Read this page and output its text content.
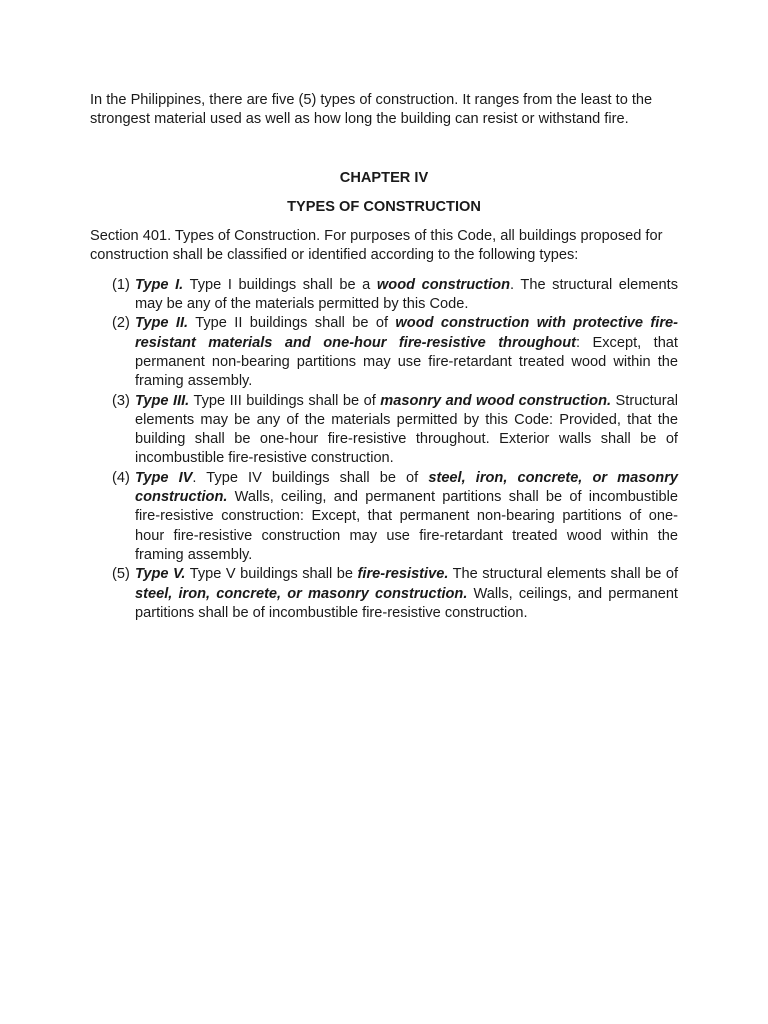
In the Philippines, there are five (5) types of construction. It ranges from the least to the strongest material used as well as how long the building can resist or withstand fire.

CHAPTER IV

TYPES OF CONSTRUCTION

Section 401. Types of Construction. For purposes of this Code, all buildings proposed for construction shall be classified or identified according to the following types:

(1) Type I. Type I buildings shall be a wood construction. The structural elements may be any of the materials permitted by this Code.
(2) Type II. Type II buildings shall be of wood construction with protective fire-resistant materials and one-hour fire-resistive throughout: Except, that permanent non-bearing partitions may use fire-retardant treated wood within the framing assembly.
(3) Type III. Type III buildings shall be of masonry and wood construction. Structural elements may be any of the materials permitted by this Code: Provided, that the building shall be one-hour fire-resistive throughout. Exterior walls shall be of incombustible fire-resistive construction.
(4) Type IV. Type IV buildings shall be of steel, iron, concrete, or masonry construction. Walls, ceiling, and permanent partitions shall be of incombustible fire-resistive construction: Except, that permanent non-bearing partitions of one-hour fire-resistive construction may use fire-retardant treated wood within the framing assembly.
(5) Type V. Type V buildings shall be fire-resistive. The structural elements shall be of steel, iron, concrete, or masonry construction. Walls, ceilings, and permanent partitions shall be of incombustible fire-resistive construction.
